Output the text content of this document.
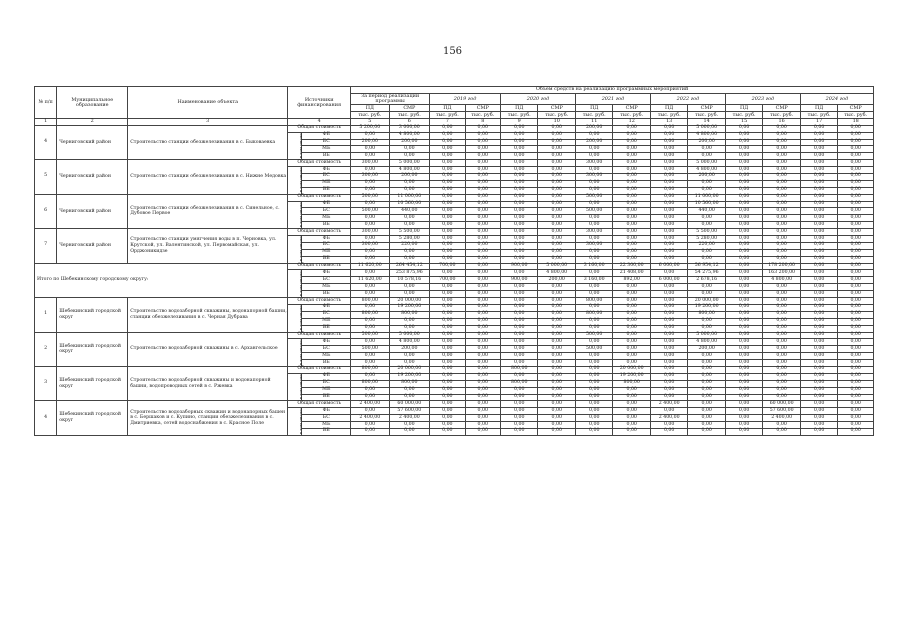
156
№ п/п	Муниципальное образование	Наименование объекта	Источники финансирования		Объем средств на реализацию программных мероприятий													
					За период реализации программы		2019 год		2020 год		2021 год		2022 год		2023 год		2024 год	
					ПД	СМР	ПД	СМР	ПД	СМР	ПД	СМР	ПД	СМР	ПД	СМР	ПД	СМР
					тыс. руб.	тыс. руб.	тыс. руб.	тыс. руб.	тыс. руб.	тыс. руб.	тыс. руб.	тыс. руб.	тыс. руб.	тыс. руб.	тыс. руб.	тыс. руб.	тыс. руб.	тыс. руб.
1	2	3	4		5	6	7	8	9	10	11	12	13	14	15	16	17	18
4	Черниговский район	Строительство станции обезжелезивания в с. Быковаевка	Общая стоимость		5 200,00	3 000,00	0,00	0,00	0,00	0,00	200,00	0,00	0,00	5 000,00	0,00	0,00	0,00	0,00
			в том числе:	ФБ	0,00	4 800,00	0,00	0,00	0,00	0,00	0,00	0,00	0,00	4 800,00	0,00	0,00	0,00	0,00
				БС	200,00	200,00	0,00	0,00	0,00	0,00	200,00	0,00	0,00	200,00	0,00	0,00	0,00	0,00
				МБ	0,00	0,00	0,00	0,00	0,00	0,00	0,00	0,00	0,00	0,00	0,00	0,00	0,00	0,00
				ВБ	0,00	0,00	0,00	0,00	0,00	0,00	0,00	0,00	0,00	0,00	0,00	0,00	0,00	0,00
5	Черниговский район	Строительство станции обезжелезивания в с. Нижне Медовка	Общая стоимость		300,00	5 000,00	0,00	0,00	0,00	0,00	300,00	0,00	0,00	5 000,00	0,00	0,00	0,00	0,00
			в том числе:	ФБ	0,00	4 800,00	0,00	0,00	0,00	0,00	0,00	0,00	0,00	4 800,00	0,00	0,00	0,00	0,00
				БС	300,00	200,00	0,00	0,00	0,00	0,00	300,00	0,00	0,00	200,00	0,00	0,00	0,00	0,00
				МБ	0,00	0,00	0,00	0,00	0,00	0,00	0,00	0,00	0,00	0,00	0,00	0,00	0,00	0,00
				ВБ	0,00	0,00	0,00	0,00	0,00	0,00	0,00	0,00	0,00	0,00	0,00	0,00	0,00	0,00
6	Черниговский район	Строительство станции обезжелезивания в с. Синельное, с. Дубовое Первое	Общая стоимость		500,00	11 000,00	0,00	0,00	0,00	0,00	500,00	0,00	0,00	11 000,00	0,00	0,00	0,00	0,00
			в том числе:	ФБ	0,00	10 560,00	0,00	0,00	0,00	0,00	0,00	0,00	0,00	10 560,00	0,00	0,00	0,00	0,00
				БС	500,00	440,00	0,00	0,00	0,00	0,00	500,00	0,00	0,00	440,00	0,00	0,00	0,00	0,00
				МБ	0,00	0,00	0,00	0,00	0,00	0,00	0,00	0,00	0,00	0,00	0,00	0,00	0,00	0,00
				ВБ	0,00	0,00	0,00	0,00	0,00	0,00	0,00	0,00	0,00	0,00	0,00	0,00	0,00	0,00
7	Черниговский район	Строительство станции умягчения воды в п. Черновка, ул. Крутской, ул. Валентинской, ул. Первомайская, ул. Орджоникидзе	Общая стоимость		300,00	5 500,00	0,00	0,00	0,00	0,00	300,00	0,00	0,00	5 500,00	0,00	0,00	0,00	0,00
			в том числе:	ФБ	0,00	5 280,00	0,00	0,00	0,00	0,00	0,00	0,00	0,00	5 280,00	0,00	0,00	0,00	0,00
				БС	300,00	220,00	0,00	0,00	0,00	0,00	300,00	0,00	0,00	220,00	0,00	0,00	0,00	0,00
				МБ	0,00	0,00	0,00	0,00	0,00	0,00	0,00	0,00	0,00	0,00	0,00	0,00	0,00	0,00
				ВБ	0,00	0,00	0,00	0,00	0,00	0,00	0,00	0,00	0,00	0,00	0,00	0,00	0,00	0,00
Итого по Шебекинскому городскому округу:			Общая стоимость		11 620,00	264 454,12	700,00	0,00	900,00	5 000,00	3 160,00	22 300,00	6 000,00	56 954,12	0,00	178 200,00	0,00	0,00
			в том числе:	ФБ	0,00	253 875,96	0,00	0,00	0,00	4 800,00	0,00	21 408,00	0,00	54 275,96	0,00	163 200,00	0,00	0,00
				БС	11 620,00	10 578,16	700,00	0,00	900,00	200,00	3 160,00	892,00	6 000,00	2 678,16	0,00	4 800,00	0,00	0,00
				МБ	0,00	0,00	0,00	0,00	0,00	0,00	0,00	0,00	0,00	0,00	0,00	0,00	0,00	0,00
				ВБ	0,00	0,00	0,00	0,00	0,00	0,00	0,00	0,00	0,00	0,00	0,00	0,00	0,00	0,00
1	Шебекинский городской округ	Строительство водозаборной скважины, водонапорной башни, станции обезжелезивания в с. Черная Дубрава	Общая стоимость		800,00	20 000,00	0,00	0,00	0,00	0,00	800,00	0,00	0,00	20 000,00	0,00	0,00	0,00	0,00
			в том числе:	ФБ	0,00	19 200,00	0,00	0,00	0,00	0,00	0,00	0,00	0,00	19 200,00	0,00	0,00	0,00	0,00
				БС	800,00	800,00	0,00	0,00	0,00	0,00	800,00	0,00	0,00	800,00	0,00	0,00	0,00	0,00
				МБ	0,00	0,00	0,00	0,00	0,00	0,00	0,00	0,00	0,00	0,00	0,00	0,00	0,00	0,00
				ВБ	0,00	0,00	0,00	0,00	0,00	0,00	0,00	0,00	0,00	0,00	0,00	0,00	0,00	0,00
2	Шебекинский городской округ	Строительство водозаборной скважины в с. Архангельское	Общая стоимость		500,00	5 000,00	0,00	0,00	0,00	0,00	500,00	0,00	0,00	5 000,00	0,00	0,00	0,00	0,00
			в том числе:	ФБ	0,00	4 800,00	0,00	0,00	0,00	0,00	0,00	0,00	0,00	4 800,00	0,00	0,00	0,00	0,00
				БС	500,00	200,00	0,00	0,00	0,00	0,00	500,00	0,00	0,00	200,00	0,00	0,00	0,00	0,00
				МБ	0,00	0,00	0,00	0,00	0,00	0,00	0,00	0,00	0,00	0,00	0,00	0,00	0,00	0,00
				ВБ	0,00	0,00	0,00	0,00	0,00	0,00	0,00	0,00	0,00	0,00	0,00	0,00	0,00	0,00
3	Шебекинский городской округ	Строительство водозаборной скважины и водонапорной башни, водопроводных сетей в с. Ржевка	Общая стоимость		800,00	20 000,00	0,00	0,00	800,00	0,00	0,00	20 000,00	0,00	0,00	0,00	0,00	0,00	0,00
			в том числе:	ФБ	0,00	19 200,00	0,00	0,00	0,00	0,00	0,00	19 200,00	0,00	0,00	0,00	0,00	0,00	0,00
				БС	800,00	800,00	0,00	0,00	800,00	0,00	0,00	800,00	0,00	0,00	0,00	0,00	0,00	0,00
				МБ	0,00	0,00	0,00	0,00	0,00	0,00	0,00	0,00	0,00	0,00	0,00	0,00	0,00	0,00
				ВБ	0,00	0,00	0,00	0,00	0,00	0,00	0,00	0,00	0,00	0,00	0,00	0,00	0,00	0,00
4	Шебекинский городской округ	Строительство водозаборных скважин и водонапорных башен в с. Бершаков и с. Купино, станции обезжелезивания в с. Дмитриевка, сетей водоснабжения в с. Красное Поле	Общая стоимость		2 400,00	60 000,00	0,00	0,00	0,00	0,00	0,00	0,00	2 400,00	0,00	0,00	60 000,00	0,00	0,00
			в том числе:	ФБ	0,00	57 600,00	0,00	0,00	0,00	0,00	0,00	0,00	0,00	0,00	0,00	57 600,00	0,00	0,00
				БС	2 400,00	2 400,00	0,00	0,00	0,00	0,00	0,00	0,00	2 400,00	0,00	0,00	2 400,00	0,00	0,00
				МБ	0,00	0,00	0,00	0,00	0,00	0,00	0,00	0,00	0,00	0,00	0,00	0,00	0,00	0,00
				ВБ	0,00	0,00	0,00	0,00	0,00	0,00	0,00	0,00	0,00	0,00	0,00	0,00	0,00	0,00
